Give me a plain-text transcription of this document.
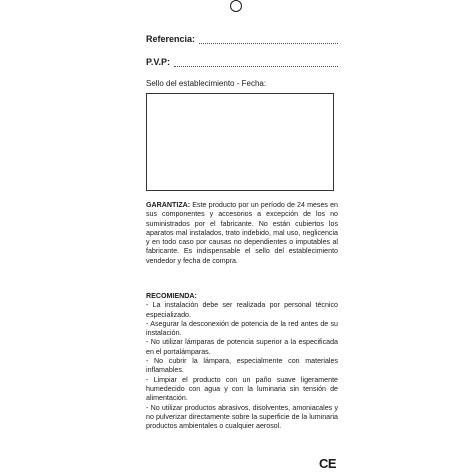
Referencia:
P.V.P:
Sello del establecimiento - Fecha:
GARANTIZA: Este producto por un período de 24 meses en sus componentes y accesorios a excepción de los no suministrados por el fabricante. No están cubiertos los aparatos mal instalados, trato indebido, mal uso, neglicencia y en todo caso por causas no dependientes o imputables al fabricante. Es indispensable el sello del establecimiento vendedor y fecha de compra.
RECOMIENDA:
- La instalación debe ser realizada por personal técnico especializado.
- Asegurar la desconexión de potencia de la red antes de su instalación.
- No utilizar lámparas de potencia superior a la especificada en el portalámparas.
- No cubrir la lámpara, especialmente con materiales inflamables.
- Limpiar el producto con un paño suave ligeramente humedecido con agua y con la luminaria sin tensión de alimentación.
- No utilizar productos abrasivos, disolventes, amoniacales y no pulverizar directamente sobre la superficie de la luminaria productos ambientales o cualquier aerosol.
CE
